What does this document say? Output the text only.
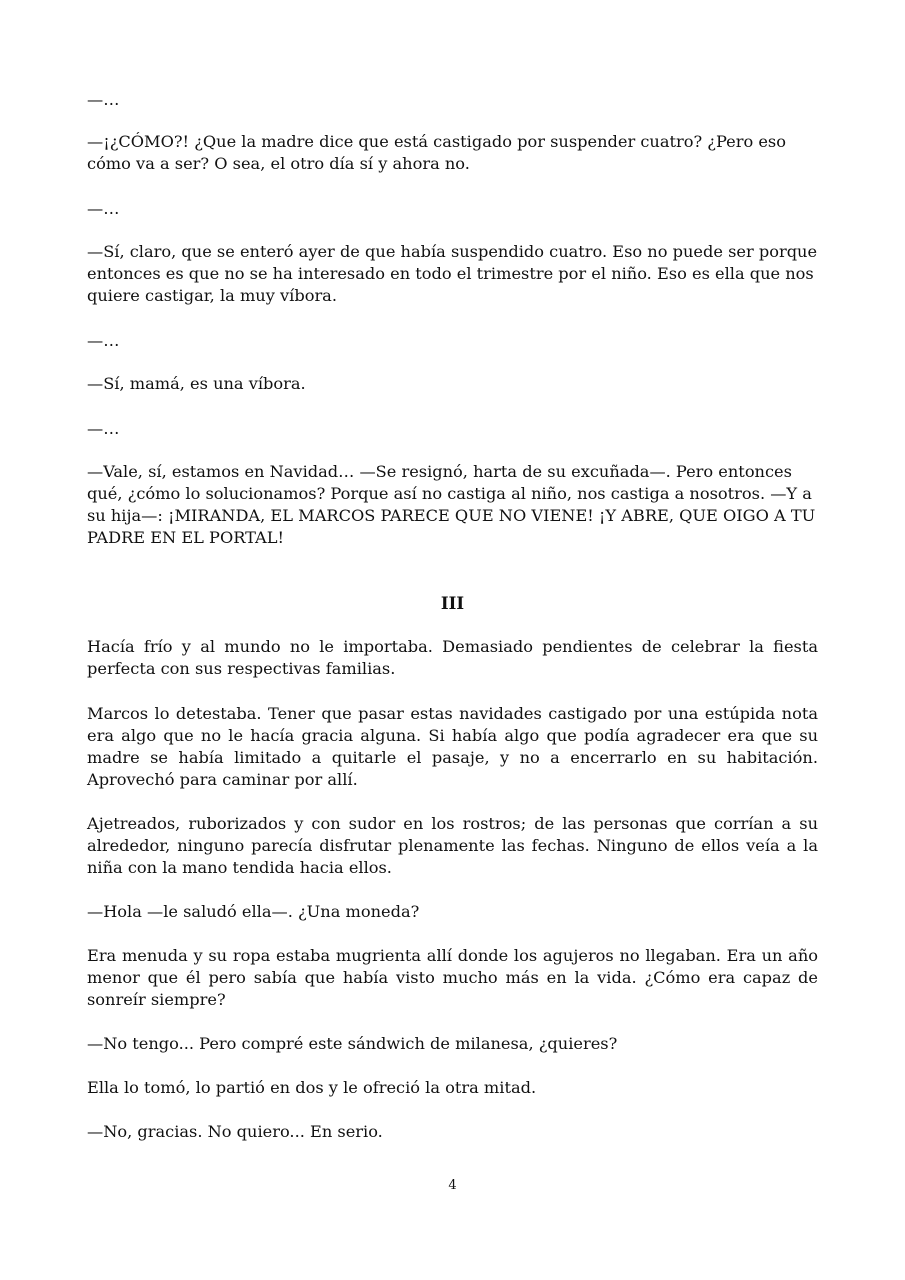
—…

—¡¿CÓMO?! ¿Que la madre dice que está castigado por suspender cuatro? ¿Pero eso cómo va a ser? O sea, el otro día sí y ahora no.

—…

—Sí, claro, que se enteró ayer de que había suspendido cuatro. Eso no puede ser porque entonces es que no se ha interesado en todo el trimestre por el niño. Eso es ella que nos quiere castigar, la muy víbora.

—…

—Sí, mamá, es una víbora.

—…

—Vale, sí, estamos en Navidad… —Se resignó, harta de su excuñada—. Pero entonces qué, ¿cómo lo solucionamos? Porque así no castiga al niño, nos castiga a nosotros. —Y a su hija—: ¡MIRANDA, EL MARCOS PARECE QUE NO VIENE! ¡Y ABRE, QUE OIGO A TU PADRE EN EL PORTAL!

III

Hacía frío y al mundo no le importaba. Demasiado pendientes de celebrar la fiesta perfecta con sus respectivas familias.

Marcos lo detestaba. Tener que pasar estas navidades castigado por una estúpida nota era algo que no le hacía gracia alguna. Si había algo que podía agradecer era que su madre se había limitado a quitarle el pasaje, y no a encerrarlo en su habitación. Aprovechó para caminar por allí.

Ajetreados, ruborizados y con sudor en los rostros; de las personas que corrían a su alrededor, ninguno parecía disfrutar plenamente las fechas. Ninguno de ellos veía a la niña con la mano tendida hacia ellos.

—Hola —le saludó ella—. ¿Una moneda?

Era menuda y su ropa estaba mugrienta allí donde los agujeros no llegaban. Era un año menor que él pero sabía que había visto mucho más en la vida. ¿Cómo era capaz de sonreír siempre?

—No tengo... Pero compré este sándwich de milanesa, ¿quieres?

Ella lo tomó, lo partió en dos y le ofreció la otra mitad.

—No, gracias. No quiero... En serio.

4
